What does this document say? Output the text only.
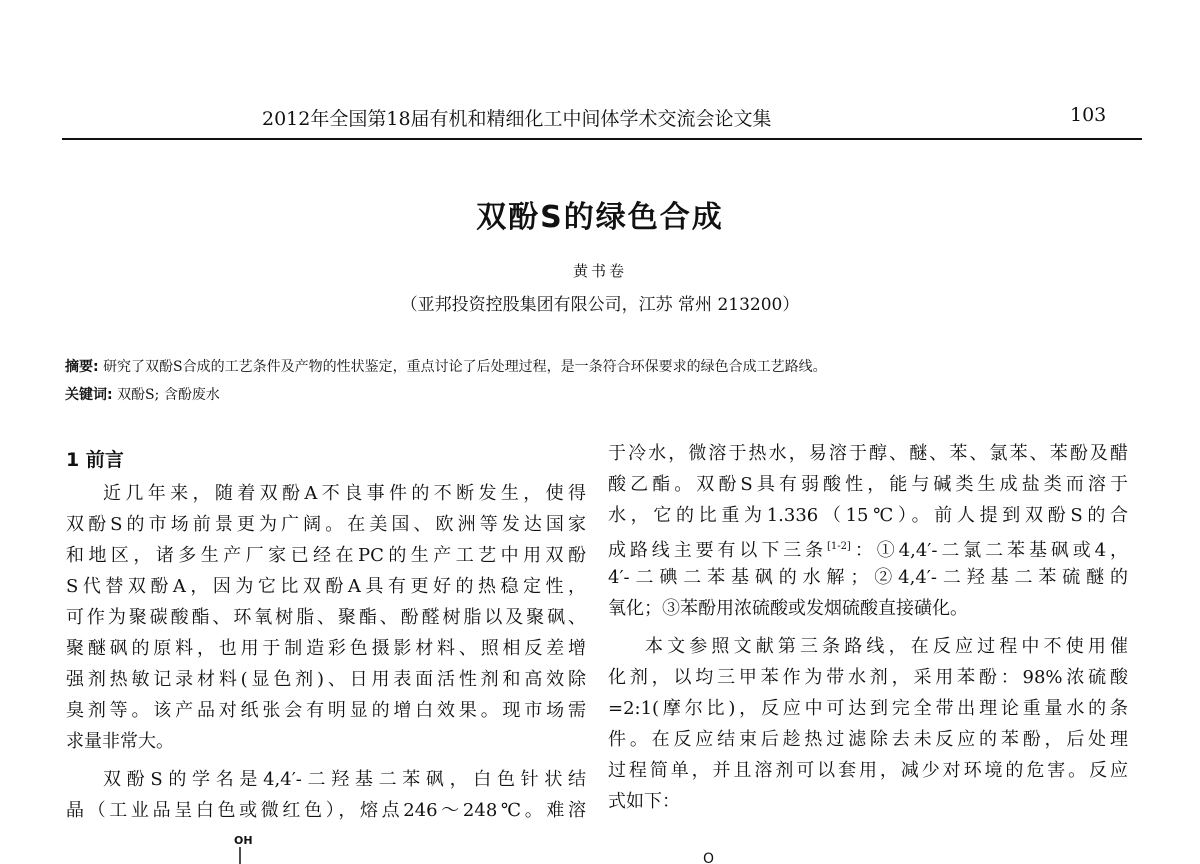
2012年全国第18届有机和精细化工中间体学术交流会论文集	103
双酚S的绿色合成
黄书卷
（亚邦投资控股集团有限公司，江苏 常州 213200）
摘要: 研究了双酚S合成的工艺条件及产物的性状鉴定，重点讨论了后处理过程，是一条符合环保要求的绿色合成工艺路线。
关键词: 双酚S; 含酚废水
1 前言
近几年来，随着双酚A不良事件的不断发生，使得
双酚S的市场前景更为广阔。在美国、欧洲等发达国家
和地区，诸多生产厂家已经在PC的生产工艺中用双酚
S代替双酚A，因为它比双酚A具有更好的热稳定性，
可作为聚碳酸酯、环氧树脂、聚酯、酚醛树脂以及聚砜、
聚醚砜的原料，也用于制造彩色摄影材料、照相反差增
强剂热敏记录材料(显色剂)、日用表面活性剂和高效除
臭剂等。该产品对纸张会有明显的增白效果。现市场需
求量非常大。
双酚S的学名是4,4′-二羟基二苯砜，白色针状结
晶（工业品呈白色或微红色），熔点246～248℃。难溶
于冷水，微溶于热水，易溶于醇、醚、苯、氯苯、苯酚及醋
酸乙酯。双酚S具有弱酸性，能与碱类生成盐类而溶于
水，它的比重为1.336（15℃）。前人提到双酚S的合
成路线主要有以下三条[1-2]：①4,4′-二氯二苯基砜或4，
4′-二碘二苯基砜的水解；②4,4′-二羟基二苯硫醚的
氧化；③苯酚用浓硫酸或发烟硫酸直接磺化。
本文参照文献第三条路线，在反应过程中不使用催
化剂，以均三甲苯作为带水剂，采用苯酚：98%浓硫酸
=2:1(摩尔比)，反应中可达到完全带出理论重量水的条
件。在反应结束后趁热过滤除去未反应的苯酚，后处理
过程简单，并且溶剂可以套用，减少对环境的危害。反应
式如下：
OH
O
